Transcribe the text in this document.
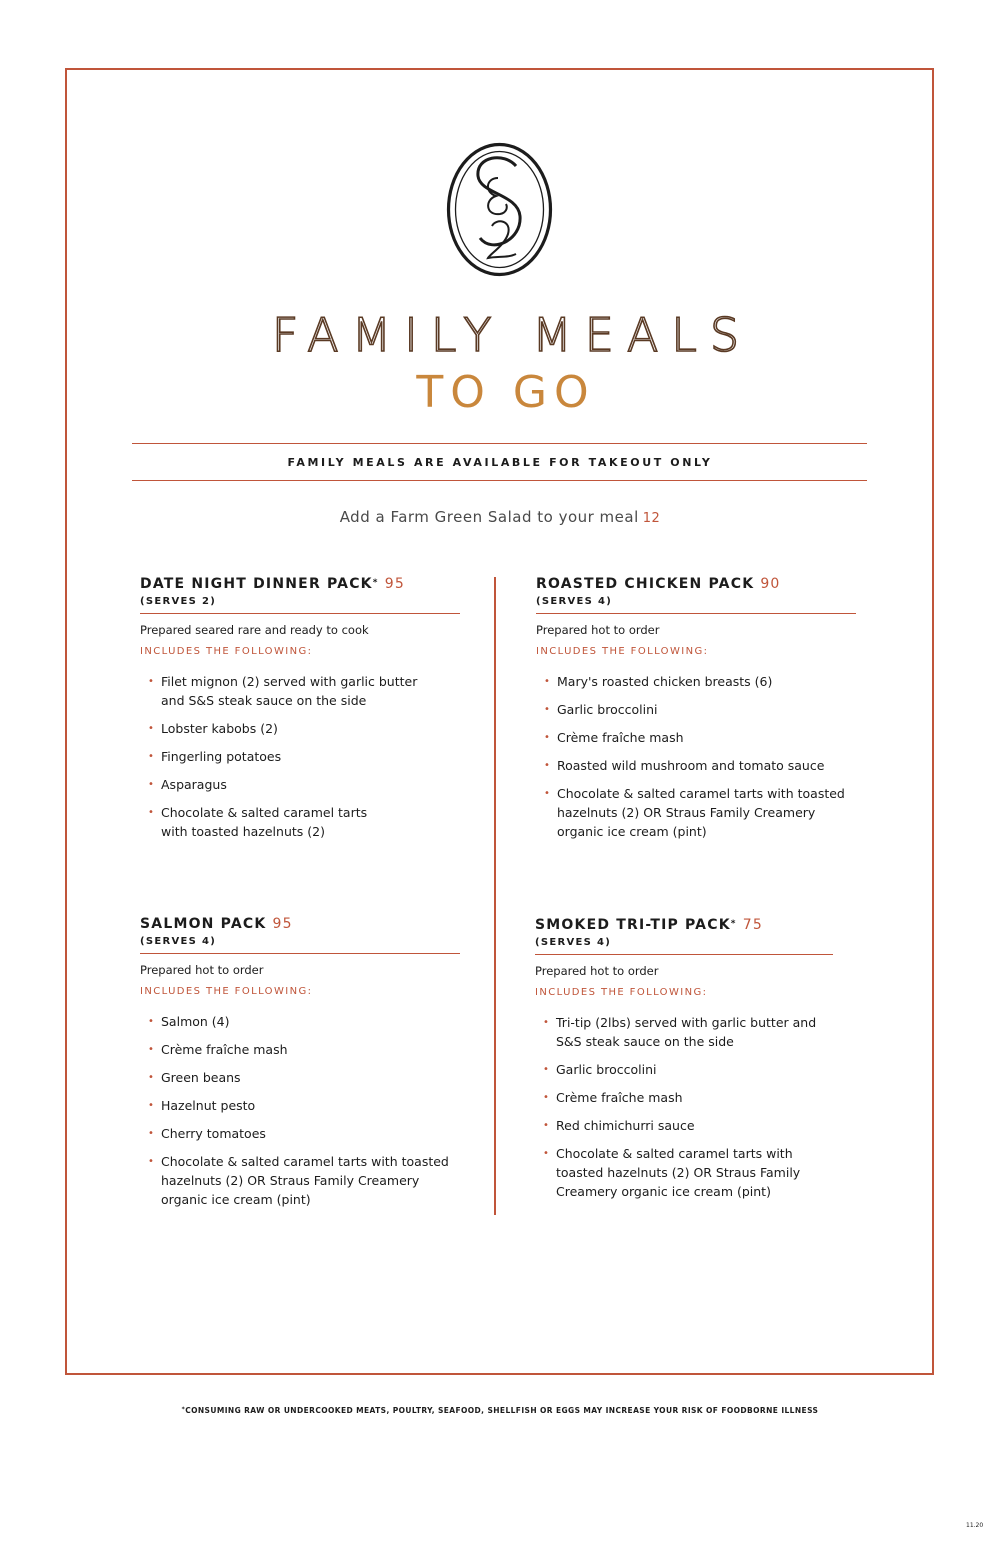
FAMILY MEALS
TO GO
FAMILY MEALS ARE AVAILABLE FOR TAKEOUT ONLY
Add a Farm Green Salad to your meal 12
DATE NIGHT DINNER PACK* 95
(SERVES 2)
Prepared seared rare and ready to cook
INCLUDES THE FOLLOWING:
• Filet mignon (2) served with garlic butter and S&S steak sauce on the side
• Lobster kabobs (2)
• Fingerling potatoes
• Asparagus
• Chocolate & salted caramel tarts with toasted hazelnuts (2)
ROASTED CHICKEN PACK 90
(SERVES 4)
Prepared hot to order
INCLUDES THE FOLLOWING:
• Mary's roasted chicken breasts (6)
• Garlic broccolini
• Crème fraîche mash
• Roasted wild mushroom and tomato sauce
• Chocolate & salted caramel tarts with toasted hazelnuts (2) OR Straus Family Creamery organic ice cream (pint)
SALMON PACK 95
(SERVES 4)
Prepared hot to order
INCLUDES THE FOLLOWING:
• Salmon (4)
• Crème fraîche mash
• Green beans
• Hazelnut pesto
• Cherry tomatoes
• Chocolate & salted caramel tarts with toasted hazelnuts (2) OR Straus Family Creamery organic ice cream (pint)
SMOKED TRI-TIP PACK* 75
(SERVES 4)
Prepared hot to order
INCLUDES THE FOLLOWING:
• Tri-tip (2lbs) served with garlic butter and S&S steak sauce on the side
• Garlic broccolini
• Crème fraîche mash
• Red chimichurri sauce
• Chocolate & salted caramel tarts with toasted hazelnuts (2) OR Straus Family Creamery organic ice cream (pint)
*CONSUMING RAW OR UNDERCOOKED MEATS, POULTRY, SEAFOOD, SHELLFISH OR EGGS MAY INCREASE YOUR RISK OF FOODBORNE ILLNESS
11.20
